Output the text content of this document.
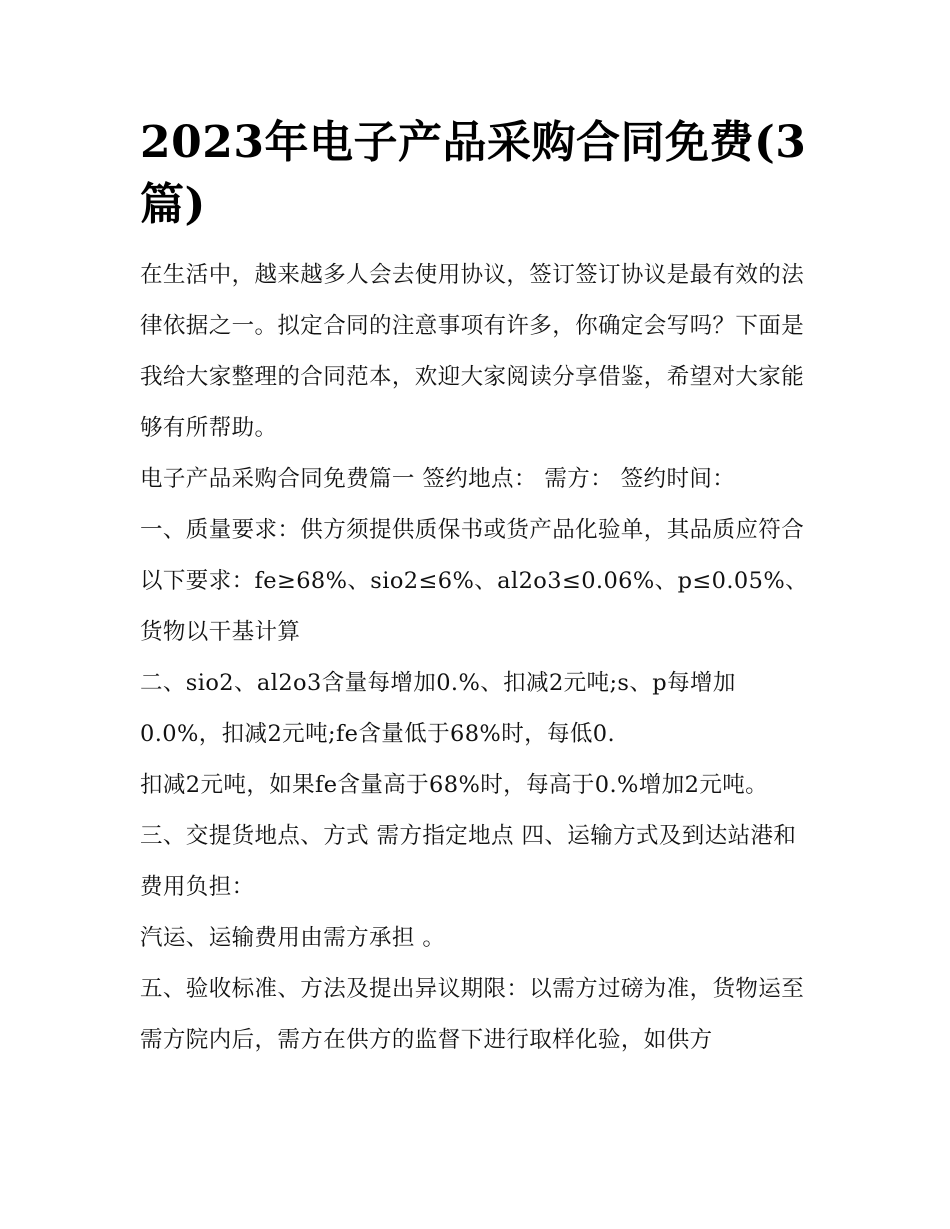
2023年电子产品采购合同免费(3篇)

在生活中，越来越多人会去使用协议，签订签订协议是最有效的法律依据之一。拟定合同的注意事项有许多，你确定会写吗？下面是我给大家整理的合同范本，欢迎大家阅读分享借鉴，希望对大家能够有所帮助。

电子产品采购合同免费篇一 签约地点： 需方： 签约时间：

一、质量要求：供方须提供质保书或货产品化验单，其品质应符合以下要求：fe≥68%、sio2≤6%、al2o3≤0.06%、p≤0.05%、货物以干基计算

二、sio2、al2o3含量每增加0.%、扣减2元吨;s、p每增加0.0%，扣减2元吨;fe含量低于68%时，每低0.

扣减2元吨，如果fe含量高于68%时，每高于0.%增加2元吨。 三、交提货地点、方式 需方指定地点 四、运输方式及到达站港和费用负担：

汽运、运输费用由需方承担 。

五、验收标准、方法及提出异议期限：以需方过磅为准，货物运至需方院内后，需方在供方的监督下进行取样化验，如供方
